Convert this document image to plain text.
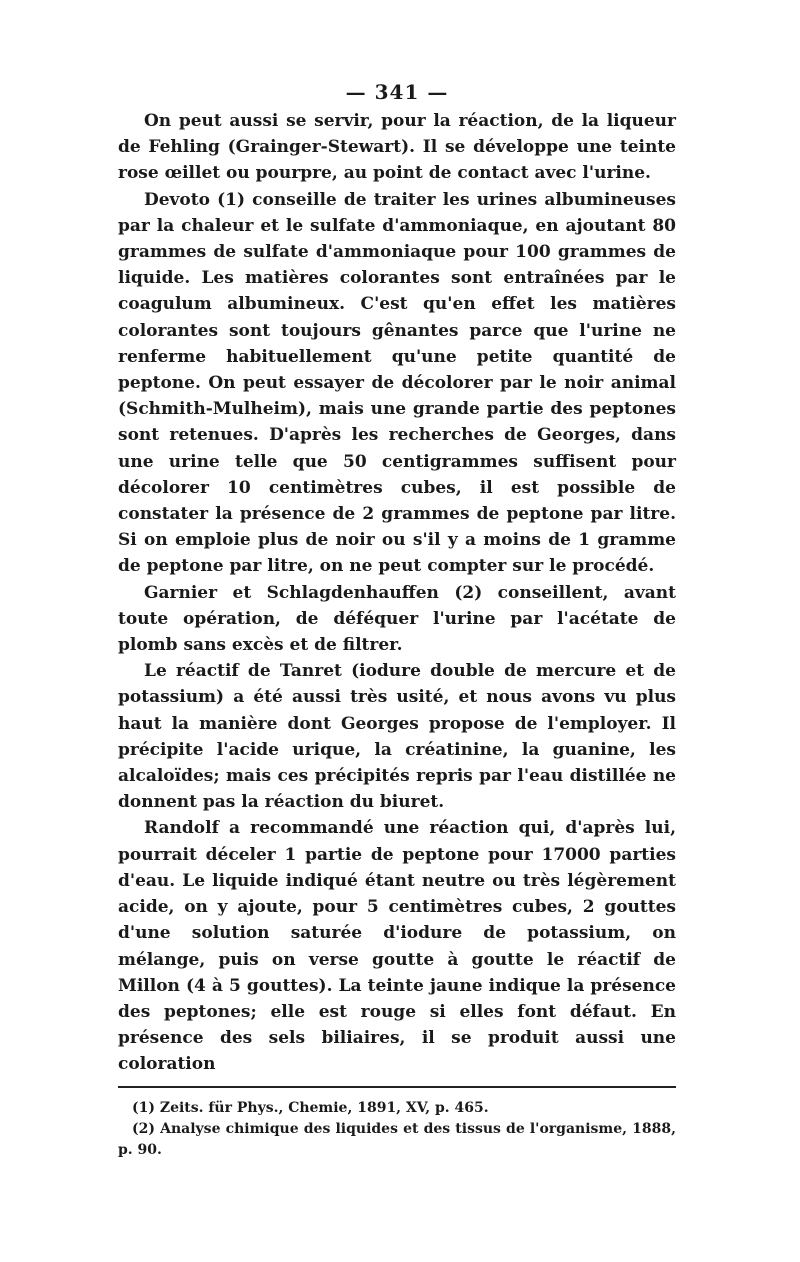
— 341 —

On peut aussi se servir, pour la réaction, de la liqueur de Fehling (Grainger-Stewart). Il se développe une teinte rose œillet ou pourpre, au point de contact avec l'urine.

Devoto (1) conseille de traiter les urines albumineuses par la chaleur et le sulfate d'ammoniaque, en ajoutant 80 grammes de sulfate d'ammoniaque pour 100 grammes de liquide. Les matières colorantes sont entraînées par le coagulum albumineux. C'est qu'en effet les matières colorantes sont toujours gênantes parce que l'urine ne renferme habituellement qu'une petite quantité de peptone. On peut essayer de décolorer par le noir animal (Schmith-Mulheim), mais une grande partie des peptones sont retenues. D'après les recherches de Georges, dans une urine telle que 50 centigrammes suffisent pour décolorer 10 centimètres cubes, il est possible de constater la présence de 2 grammes de peptone par litre. Si on emploie plus de noir ou s'il y a moins de 1 gramme de peptone par litre, on ne peut compter sur le procédé.

Garnier et Schlagdenhauffen (2) conseillent, avant toute opération, de déféquer l'urine par l'acétate de plomb sans excès et de filtrer.

Le réactif de Tanret (iodure double de mercure et de potassium) a été aussi très usité, et nous avons vu plus haut la manière dont Georges propose de l'employer. Il précipite l'acide urique, la créatinine, la guanine, les alcaloïdes; mais ces précipités repris par l'eau distillée ne donnent pas la réaction du biuret.

Randolf a recommandé une réaction qui, d'après lui, pourrait déceler 1 partie de peptone pour 17000 parties d'eau. Le liquide indiqué étant neutre ou très légèrement acide, on y ajoute, pour 5 centimètres cubes, 2 gouttes d'une solution saturée d'iodure de potassium, on mélange, puis on verse goutte à goutte le réactif de Millon (4 à 5 gouttes). La teinte jaune indique la présence des peptones; elle est rouge si elles font défaut. En présence des sels biliaires, il se produit aussi une coloration

(1) Zeits. für Phys., Chemie, 1891, XV, p. 465.

(2) Analyse chimique des liquides et des tissus de l'organisme, 1888, p. 90.
